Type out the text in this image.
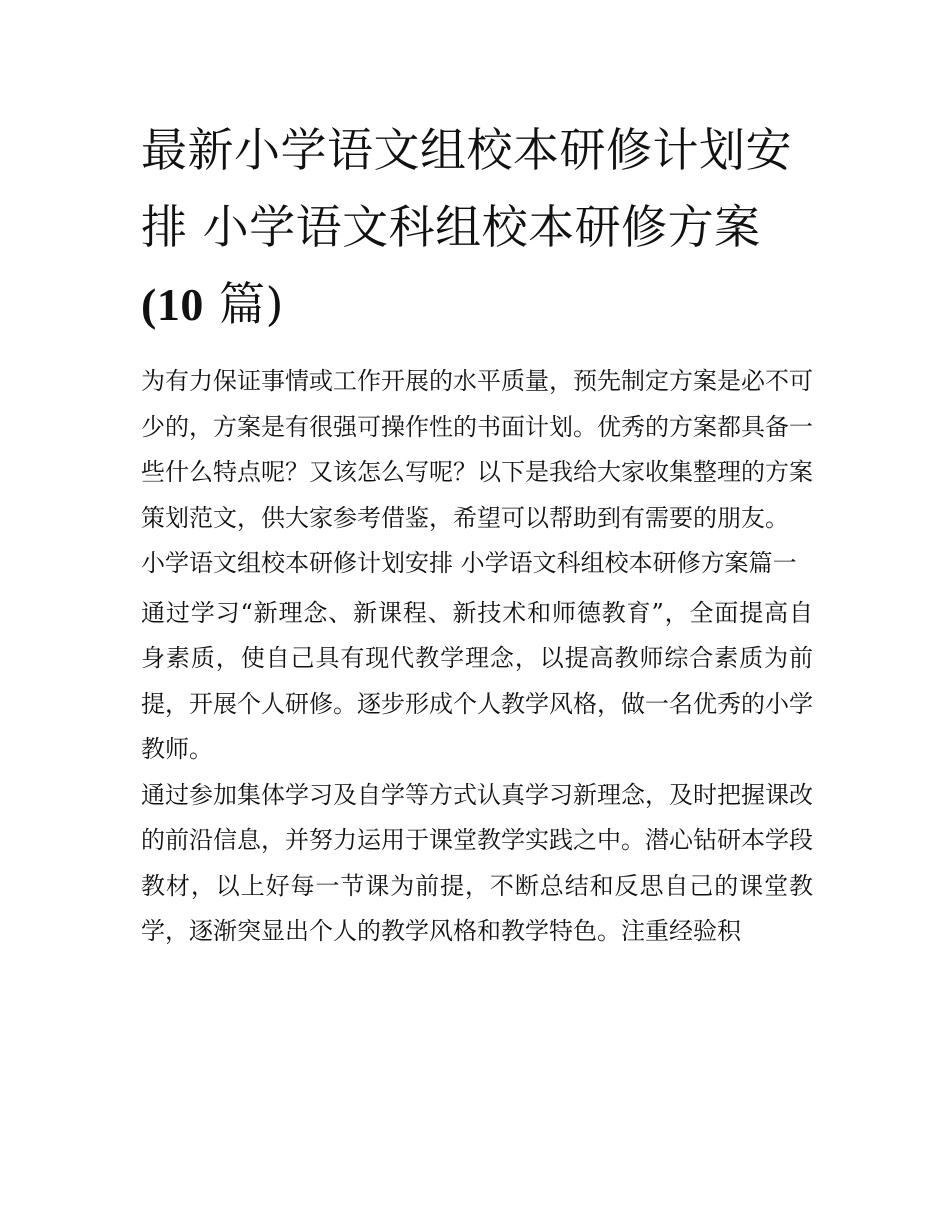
最新小学语文组校本研修计划安排 小学语文科组校本研修方案(10 篇)

为有力保证事情或工作开展的水平质量，预先制定方案是必不可少的，方案是有很强可操作性的书面计划。优秀的方案都具备一些什么特点呢？又该怎么写呢？以下是我给大家收集整理的方案策划范文，供大家参考借鉴，希望可以帮助到有需要的朋友。

小学语文组校本研修计划安排 小学语文科组校本研修方案篇一

通过学习“新理念、新课程、新技术和师德教育”，全面提高自身素质，使自己具有现代教学理念，以提高教师综合素质为前提，开展个人研修。逐步形成个人教学风格，做一名优秀的小学教师。

通过参加集体学习及自学等方式认真学习新理念，及时把握课改的前沿信息，并努力运用于课堂教学实践之中。潜心钻研本学段教材，以上好每一节课为前提，不断总结和反思自己的课堂教学，逐渐突显出个人的教学风格和教学特色。注重经验积
